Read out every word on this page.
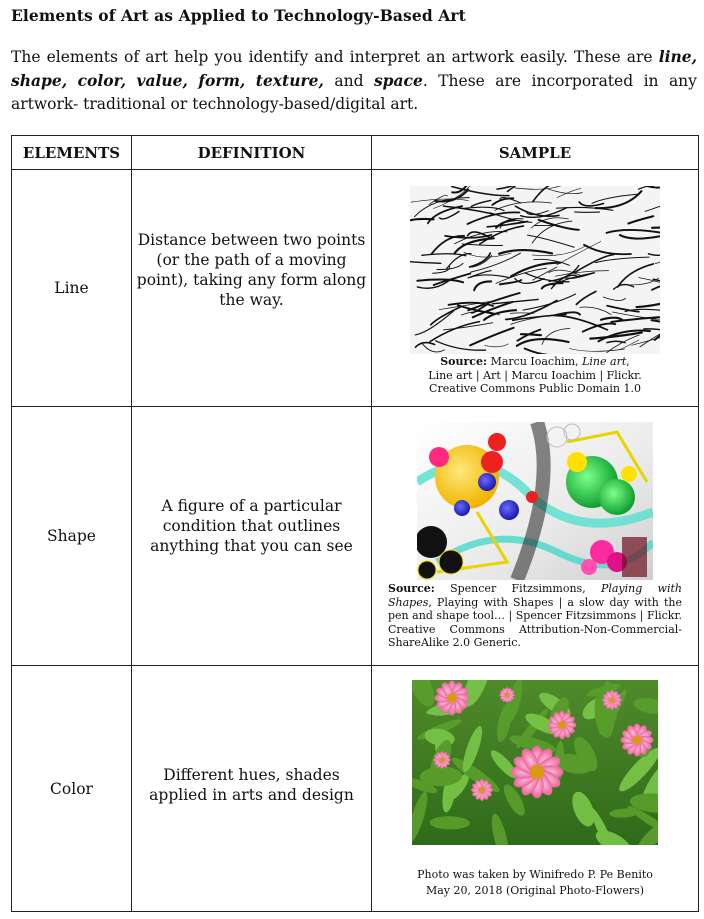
Elements of Art as Applied to Technology-Based Art
The elements of art help you identify and interpret an artwork easily. These are line, shape, color, value, form, texture, and space. These are incorporated in any artwork- traditional or technology-based/digital art.
ELEMENTS	DEFINITION	SAMPLE
Line	Distance between two points (or the path of a moving point), taking any form along the way.	Source: Marcu Ioachim, Line art,
Line art | Art | Marcu Ioachim | Flickr.
Creative Commons Public Domain 1.0

Shape	A figure of a particular condition that outlines anything that you can see	Source: Spencer Fitzsimmons, Playing with Shapes, Playing with Shapes | a slow day with the pen and shape tool… | Spencer Fitzsimmons | Flickr. Creative Commons Attribution-Non-Commercial-ShareAlike 2.0 Generic.

Color	Different hues, shades applied in arts and design	Photo was taken by Winifredo P. Pe Benito
May 20, 2018 (Original Photo-Flowers)
